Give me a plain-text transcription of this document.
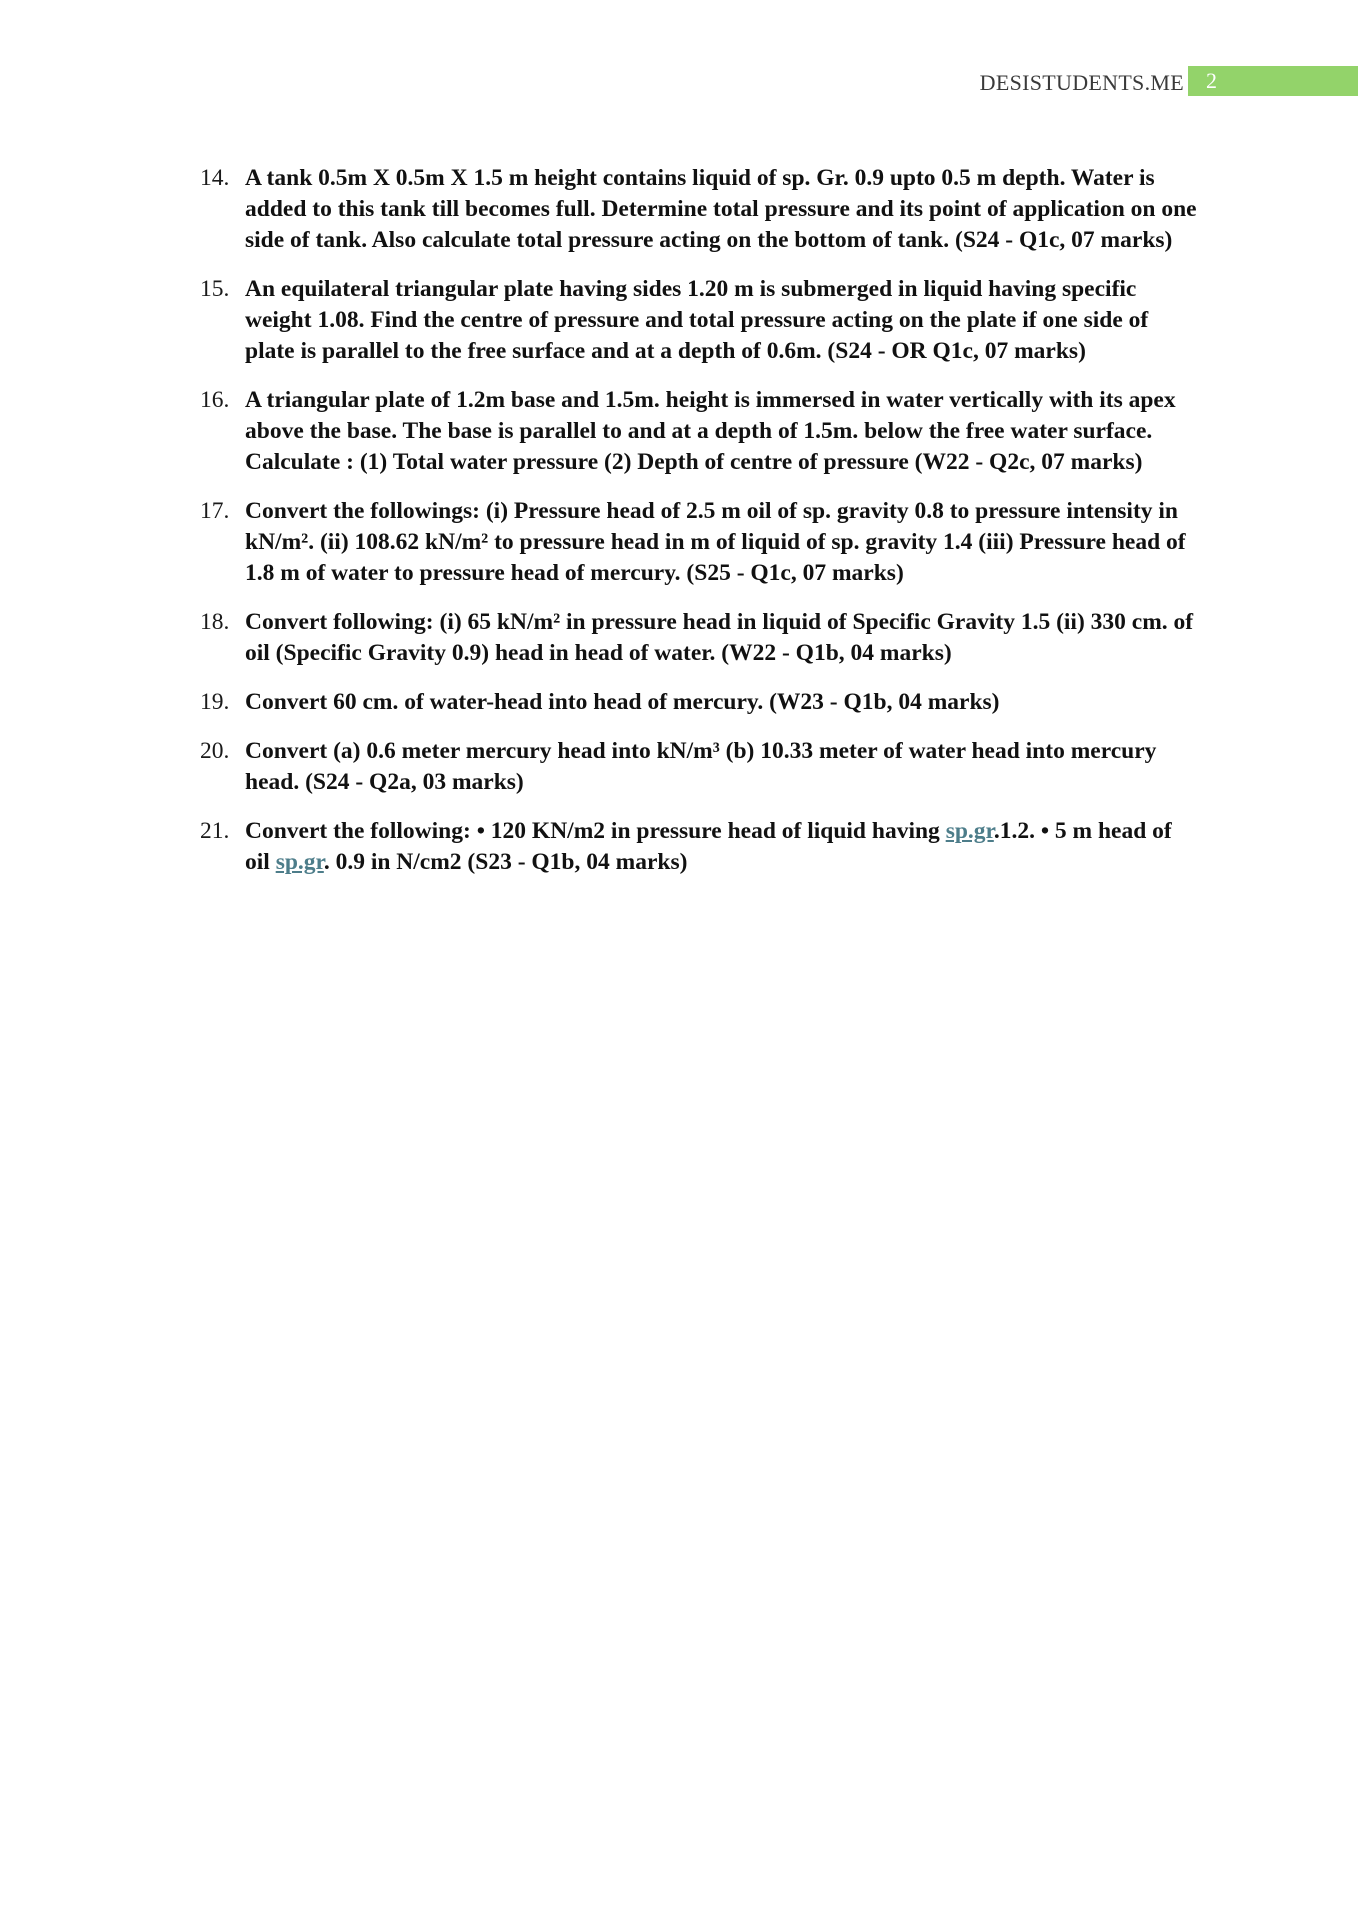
DESISTUDENTS.ME	2
14. A tank 0.5m X 0.5m X 1.5 m height contains liquid of sp. Gr. 0.9 upto 0.5 m depth. Water is added to this tank till becomes full. Determine total pressure and its point of application on one side of tank. Also calculate total pressure acting on the bottom of tank. (S24 - Q1c, 07 marks)
15. An equilateral triangular plate having sides 1.20 m is submerged in liquid having specific weight 1.08. Find the centre of pressure and total pressure acting on the plate if one side of plate is parallel to the free surface and at a depth of 0.6m. (S24 - OR Q1c, 07 marks)
16. A triangular plate of 1.2m base and 1.5m. height is immersed in water vertically with its apex above the base. The base is parallel to and at a depth of 1.5m. below the free water surface. Calculate : (1) Total water pressure (2) Depth of centre of pressure (W22 - Q2c, 07 marks)
17. Convert the followings: (i) Pressure head of 2.5 m oil of sp. gravity 0.8 to pressure intensity in kN/m². (ii) 108.62 kN/m² to pressure head in m of liquid of sp. gravity 1.4 (iii) Pressure head of 1.8 m of water to pressure head of mercury. (S25 - Q1c, 07 marks)
18. Convert following: (i) 65 kN/m² in pressure head in liquid of Specific Gravity 1.5 (ii) 330 cm. of oil (Specific Gravity 0.9) head in head of water. (W22 - Q1b, 04 marks)
19. Convert 60 cm. of water-head into head of mercury. (W23 - Q1b, 04 marks)
20. Convert (a) 0.6 meter mercury head into kN/m³ (b) 10.33 meter of water head into mercury head. (S24 - Q2a, 03 marks)
21. Convert the following: • 120 KN/m2 in pressure head of liquid having sp.gr.1.2. • 5 m head of oil sp.gr. 0.9 in N/cm2 (S23 - Q1b, 04 marks)
